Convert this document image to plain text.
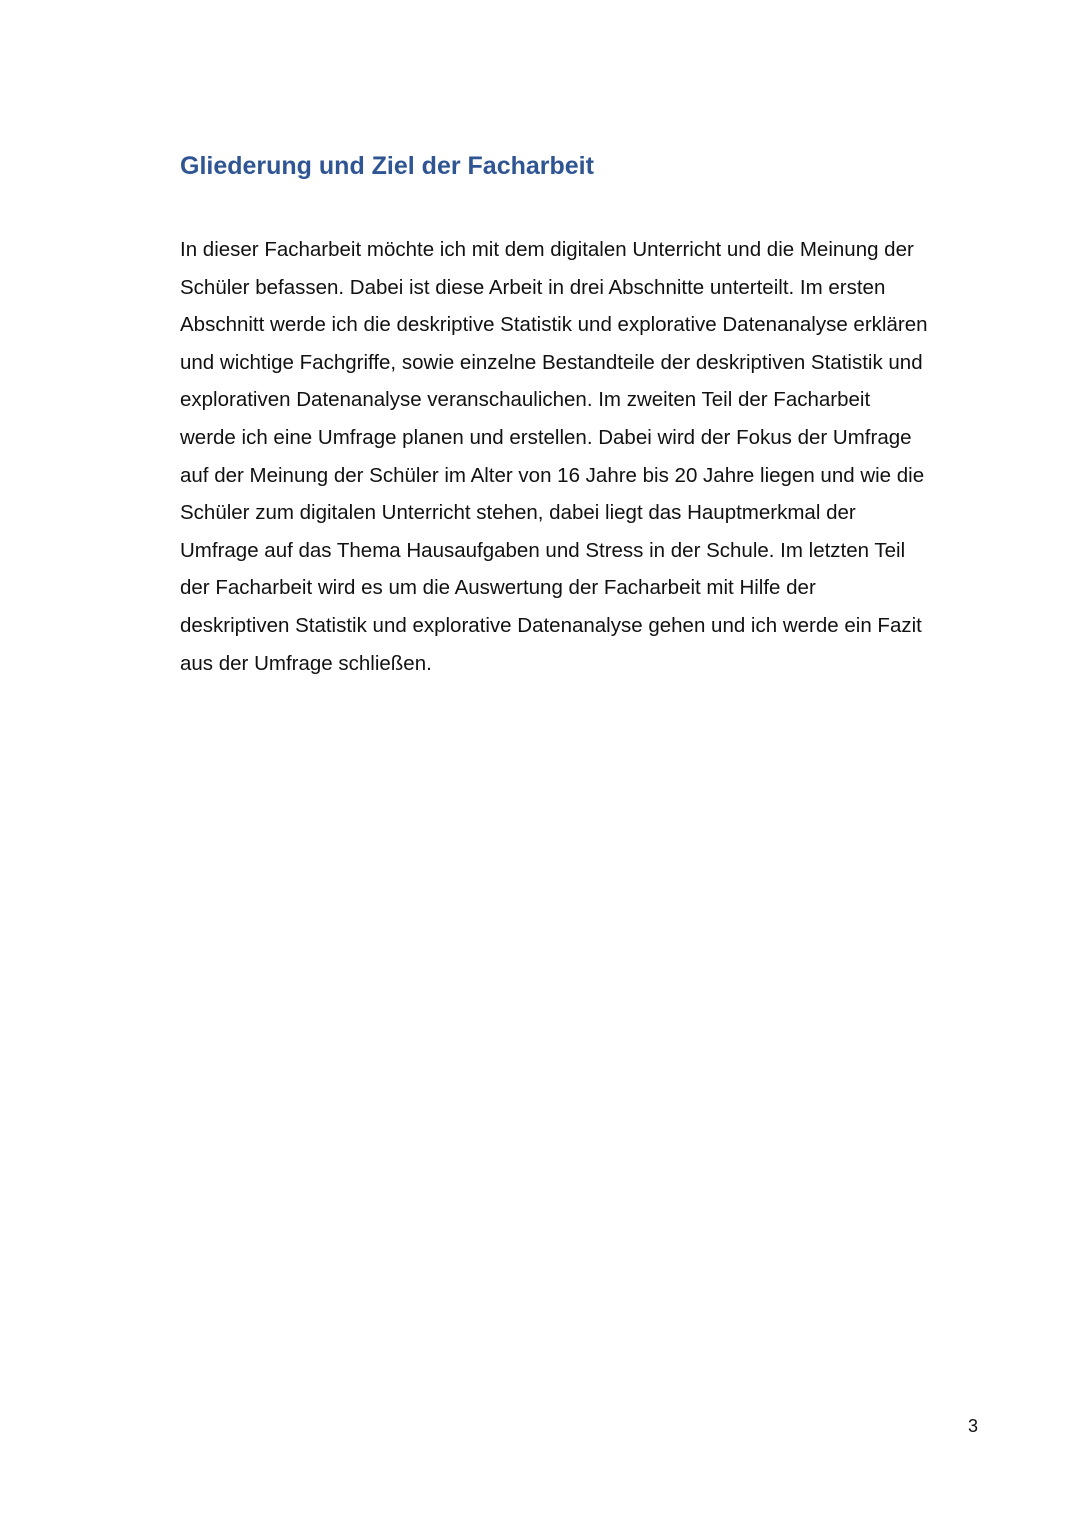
Gliederung und Ziel der Facharbeit

In dieser Facharbeit möchte ich mit dem digitalen Unterricht und die Meinung der
Schüler befassen. Dabei ist diese Arbeit in drei Abschnitte unterteilt. Im ersten
Abschnitt werde ich die deskriptive Statistik und explorative Datenanalyse erklären
und wichtige Fachgriffe, sowie einzelne Bestandteile der deskriptiven Statistik und
explorativen Datenanalyse veranschaulichen. Im zweiten Teil der Facharbeit
werde ich eine Umfrage planen und erstellen. Dabei wird der Fokus der Umfrage
auf der Meinung der Schüler im Alter von 16 Jahre bis 20 Jahre liegen und wie die
Schüler zum digitalen Unterricht stehen, dabei liegt das Hauptmerkmal der
Umfrage auf das Thema Hausaufgaben und Stress in der Schule. Im letzten Teil
der Facharbeit wird es um die Auswertung der Facharbeit mit Hilfe der
deskriptiven Statistik und explorative Datenanalyse gehen und ich werde ein Fazit
aus der Umfrage schließen.

3
